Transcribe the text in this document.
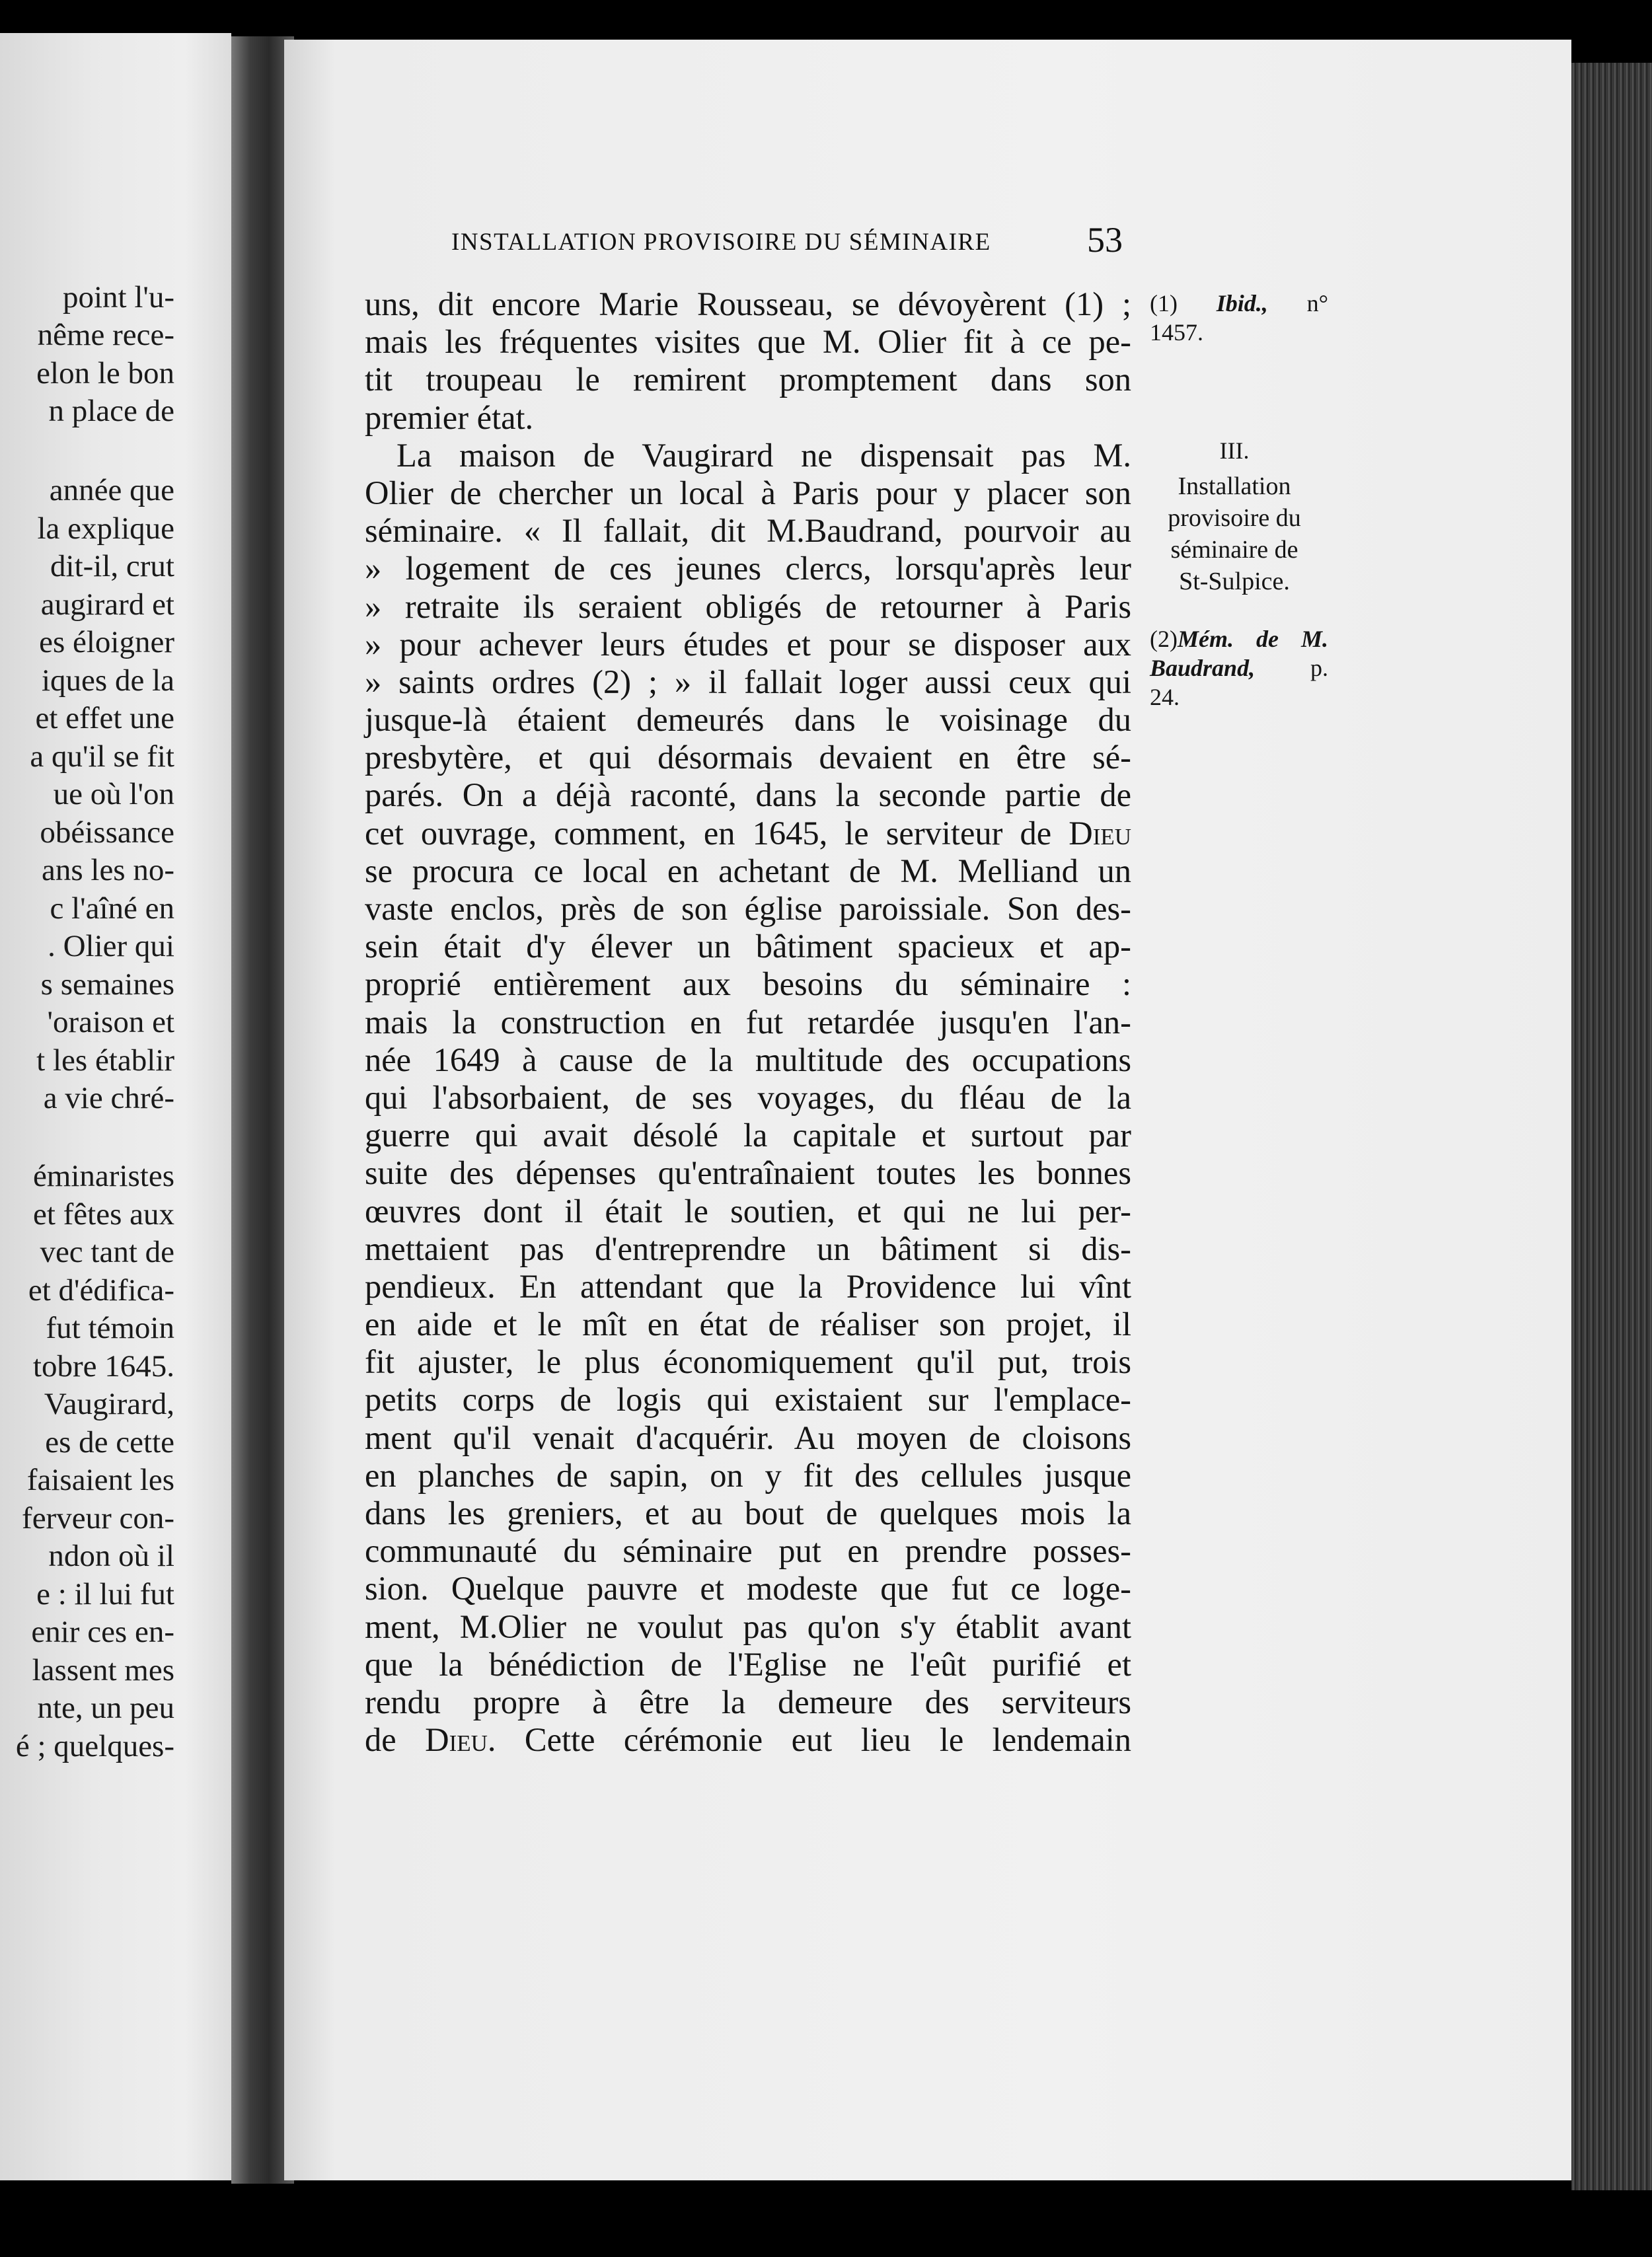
point l'u-
nême rece-
elon le bon
n place de
année que
la explique
dit-il, crut
augirard et
es éloigner
iques de la
et effet une
a qu'il se fit
ue où l'on
obéissance
ans les no-
c l'aîné en
. Olier qui
s semaines
'oraison et
t les établir
a vie chré-
éminaristes
et fêtes aux
vec tant de
et d'édifica-
fut témoin
tobre 1645.
Vaugirard,
es de cette
faisaient les
ferveur con-
ndon où il
e : il lui fut
enir ces en-
lassent mes
nte, un peu
é ; quelques-
INSTALLATION PROVISOIRE DU SÉMINAIRE	53
uns, dit encore Marie Rousseau, se dévoyèrent (1) ;
mais les fréquentes visites que M. Olier fit à ce pe-
tit troupeau le remirent promptement dans son
premier état.
La maison de Vaugirard ne dispensait pas M.
Olier de chercher un local à Paris pour y placer son
séminaire. « Il fallait, dit M.Baudrand, pourvoir au
» logement de ces jeunes clercs, lorsqu'après leur
» retraite ils seraient obligés de retourner à Paris
» pour achever leurs études et pour se disposer aux
» saints ordres (2) ; » il fallait loger aussi ceux qui
jusque-là étaient demeurés dans le voisinage du
presbytère, et qui désormais devaient en être sé-
parés. On a déjà raconté, dans la seconde partie de
cet ouvrage, comment, en 1645, le serviteur de Dieu
se procura ce local en achetant de M. Melliand un
vaste enclos, près de son église paroissiale. Son des-
sein était d'y élever un bâtiment spacieux et ap-
proprié entièrement aux besoins du séminaire :
mais la construction en fut retardée jusqu'en l'an-
née 1649 à cause de la multitude des occupations
qui l'absorbaient, de ses voyages, du fléau de la
guerre qui avait désolé la capitale et surtout par
suite des dépenses qu'entraînaient toutes les bonnes
œuvres dont il était le soutien, et qui ne lui per-
mettaient pas d'entreprendre un bâtiment si dis-
pendieux. En attendant que la Providence lui vînt
en aide et le mît en état de réaliser son projet, il
fit ajuster, le plus économiquement qu'il put, trois
petits corps de logis qui existaient sur l'emplace-
ment qu'il venait d'acquérir. Au moyen de cloisons
en planches de sapin, on y fit des cellules jusque
dans les greniers, et au bout de quelques mois la
communauté du séminaire put en prendre posses-
sion. Quelque pauvre et modeste que fut ce loge-
ment, M.Olier ne voulut pas qu'on s'y établit avant
que la bénédiction de l'Eglise ne l'eût purifié et
rendu propre à être la demeure des serviteurs
de Dieu. Cette cérémonie eut lieu le lendemain
(1) Ibid., n°
1457.
III.
Installation
provisoire du
séminaire de
St-Sulpice.
(2)Mém. de M.
Baudrand, p.
24.
